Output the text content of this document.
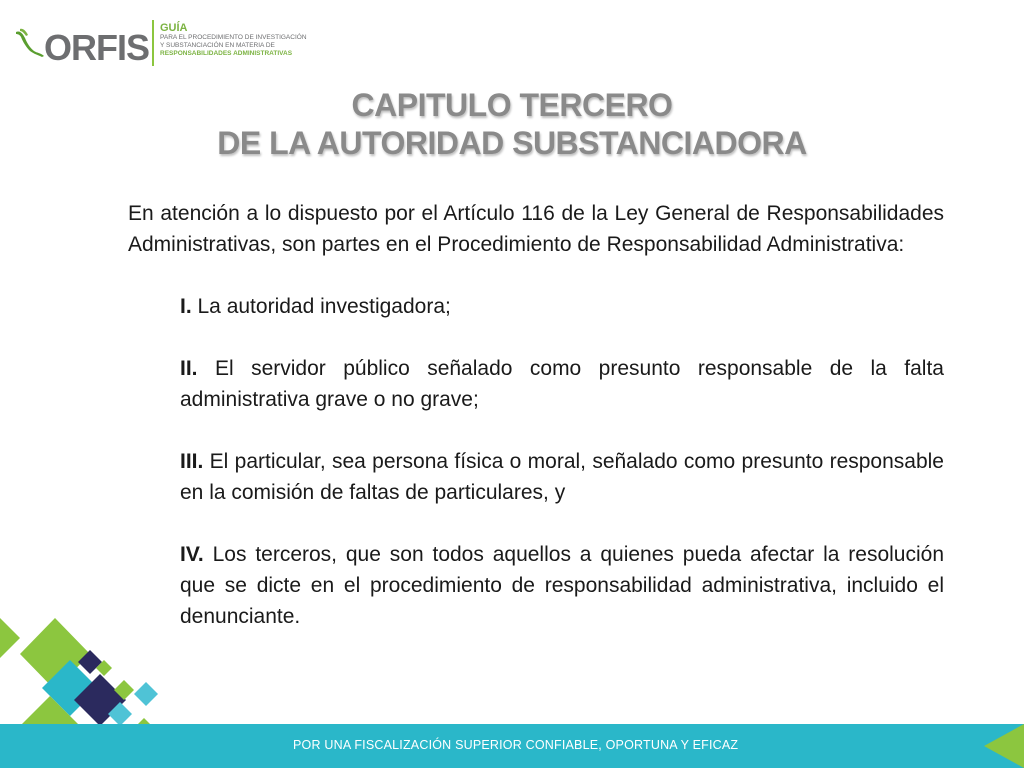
ORFIS GUÍA
PARA EL PROCEDIMIENTO DE INVESTIGACIÓN
Y SUBSTANCIACIÓN EN MATERIA DE
RESPONSABILIDADES ADMINISTRATIVAS
CAPITULO TERCERO
DE LA AUTORIDAD SUBSTANCIADORA

En atención a lo dispuesto por el Artículo 116 de la Ley General de Responsabilidades Administrativas, son partes en el Procedimiento de Responsabilidad Administrativa:

I. La autoridad investigadora;

II. El servidor público señalado como presunto responsable de la falta administrativa grave o no grave;

III. El particular, sea persona física o moral, señalado como presunto responsable en la comisión de faltas de particulares, y

IV. Los terceros, que son todos aquellos a quienes pueda afectar la resolución que se dicte en el procedimiento de responsabilidad administrativa, incluido el denunciante.

POR UNA FISCALIZACIÓN SUPERIOR CONFIABLE, OPORTUNA Y EFICAZ
